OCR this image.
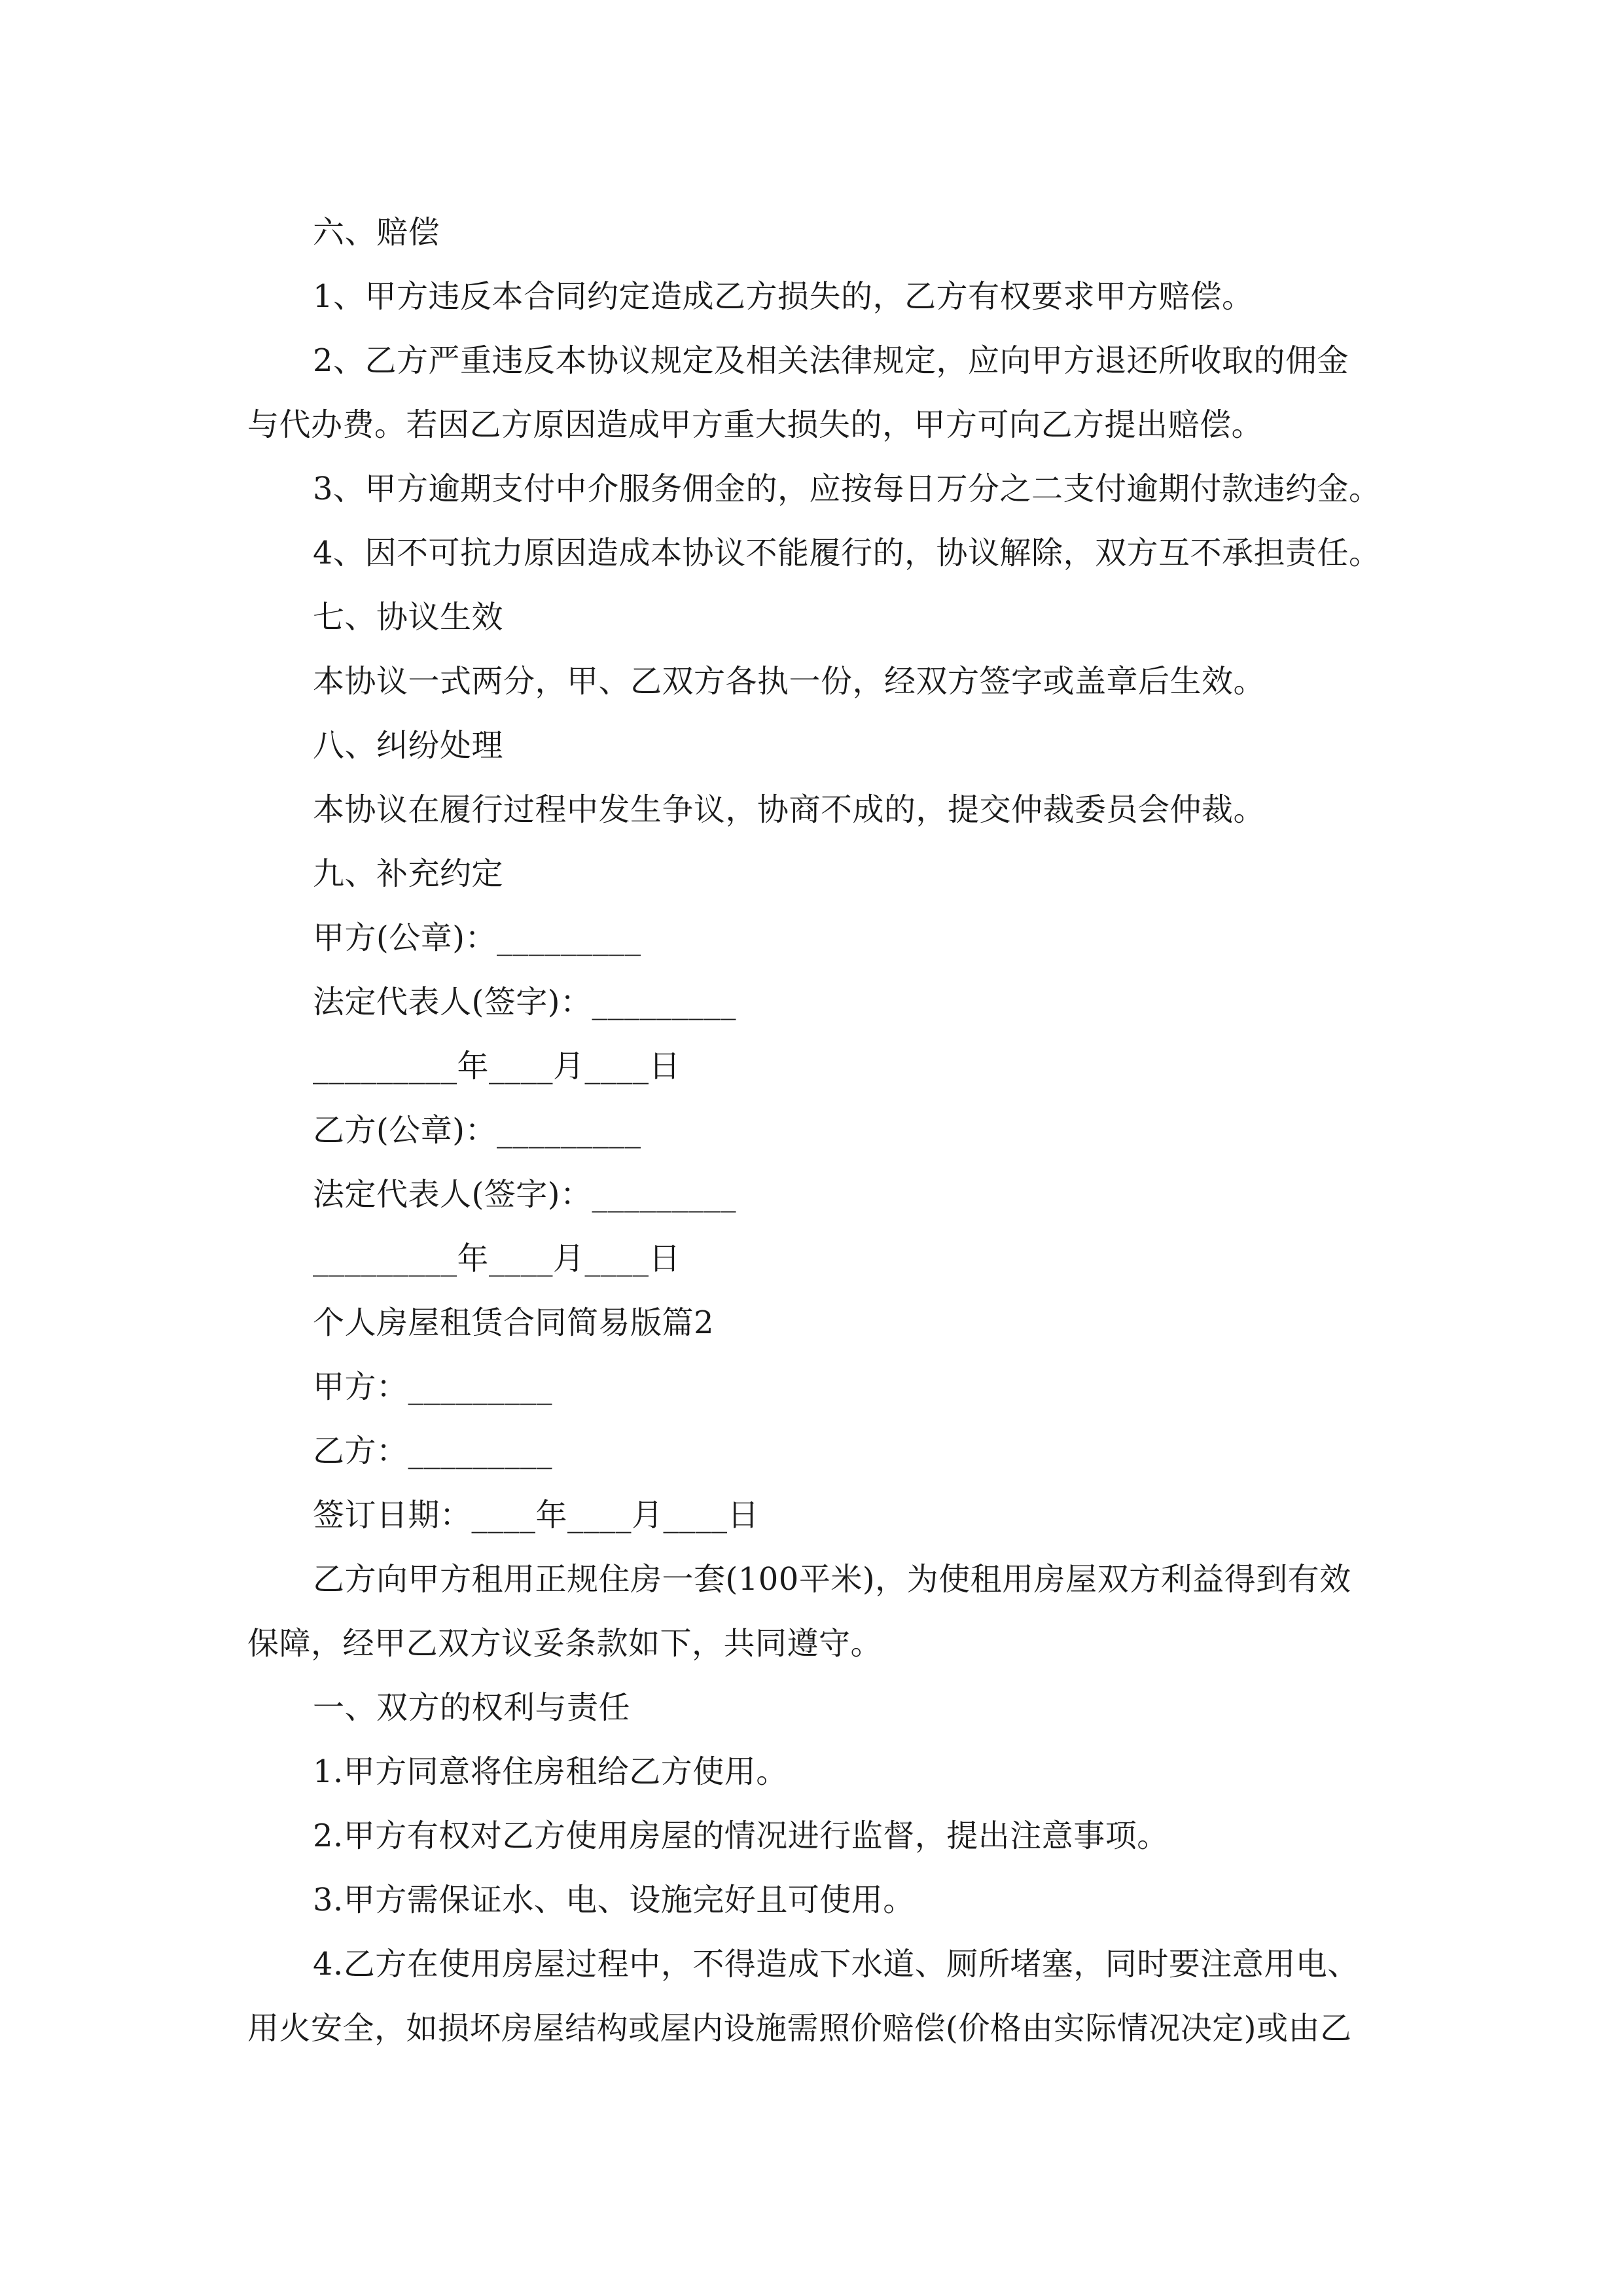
六、赔偿
1、甲方违反本合同约定造成乙方损失的，乙方有权要求甲方赔偿。
2、乙方严重违反本协议规定及相关法律规定，应向甲方退还所收取的佣金
与代办费。若因乙方原因造成甲方重大损失的，甲方可向乙方提出赔偿。
3、甲方逾期支付中介服务佣金的，应按每日万分之二支付逾期付款违约金。
4、因不可抗力原因造成本协议不能履行的，协议解除，双方互不承担责任。
七、协议生效
本协议一式两分，甲、乙双方各执一份，经双方签字或盖章后生效。
八、纠纷处理
本协议在履行过程中发生争议，协商不成的，提交仲裁委员会仲裁。
九、补充约定
甲方(公章)：_________
法定代表人(签字)：_________
_________年____月____日
乙方(公章)：_________
法定代表人(签字)：_________
_________年____月____日
个人房屋租赁合同简易版篇2
甲方：_________
乙方：_________
签订日期：____年____月____日
乙方向甲方租用正规住房一套(100平米)，为使租用房屋双方利益得到有效
保障，经甲乙双方议妥条款如下，共同遵守。
一、双方的权利与责任
1.甲方同意将住房租给乙方使用。
2.甲方有权对乙方使用房屋的情况进行监督，提出注意事项。
3.甲方需保证水、电、设施完好且可使用。
4.乙方在使用房屋过程中，不得造成下水道、厕所堵塞，同时要注意用电、
用火安全，如损坏房屋结构或屋内设施需照价赔偿(价格由实际情况决定)或由乙
